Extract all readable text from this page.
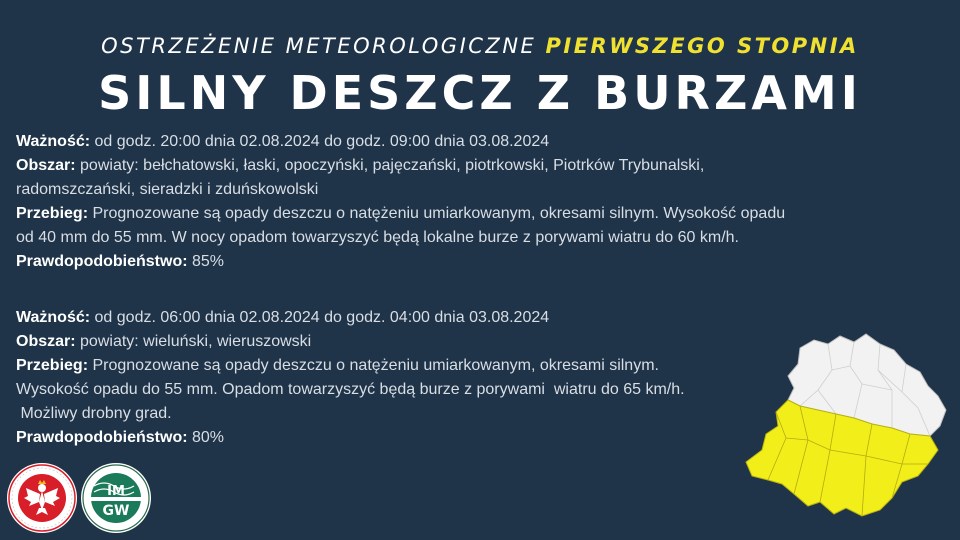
OSTRZEŻENIE METEOROLOGICZNE PIERWSZEGO STOPNIA
SILNY DESZCZ Z BURZAMI

Ważność: od godz. 20:00 dnia 02.08.2024 do godz. 09:00 dnia 03.08.2024

Obszar: powiaty: bełchatowski, łaski, opoczyński, pajęczański, piotrkowski, Piotrków Trybunalski,

radomszczański, sieradzki i zduńskowolski

Przebieg: Prognozowane są opady deszczu o natężeniu umiarkowanym, okresami silnym. Wysokość opadu

od 40 mm do 55 mm. W nocy opadom towarzyszyć będą lokalne burze z porywami wiatru do 60 km/h.

Prawdopodobieństwo: 85%

Ważność: od godz. 06:00 dnia 02.08.2024 do godz. 04:00 dnia 03.08.2024

Obszar: powiaty: wieluński, wieruszowski

Przebieg: Prognozowane są opady deszczu o natężeniu umiarkowanym, okresami silnym.

Wysokość opadu do 55 mm. Opadom towarzyszyć będą burze z porywami  wiatru do 65 km/h.

Możliwy drobny grad.

Prawdopodobieństwo: 80%

IM
GW
